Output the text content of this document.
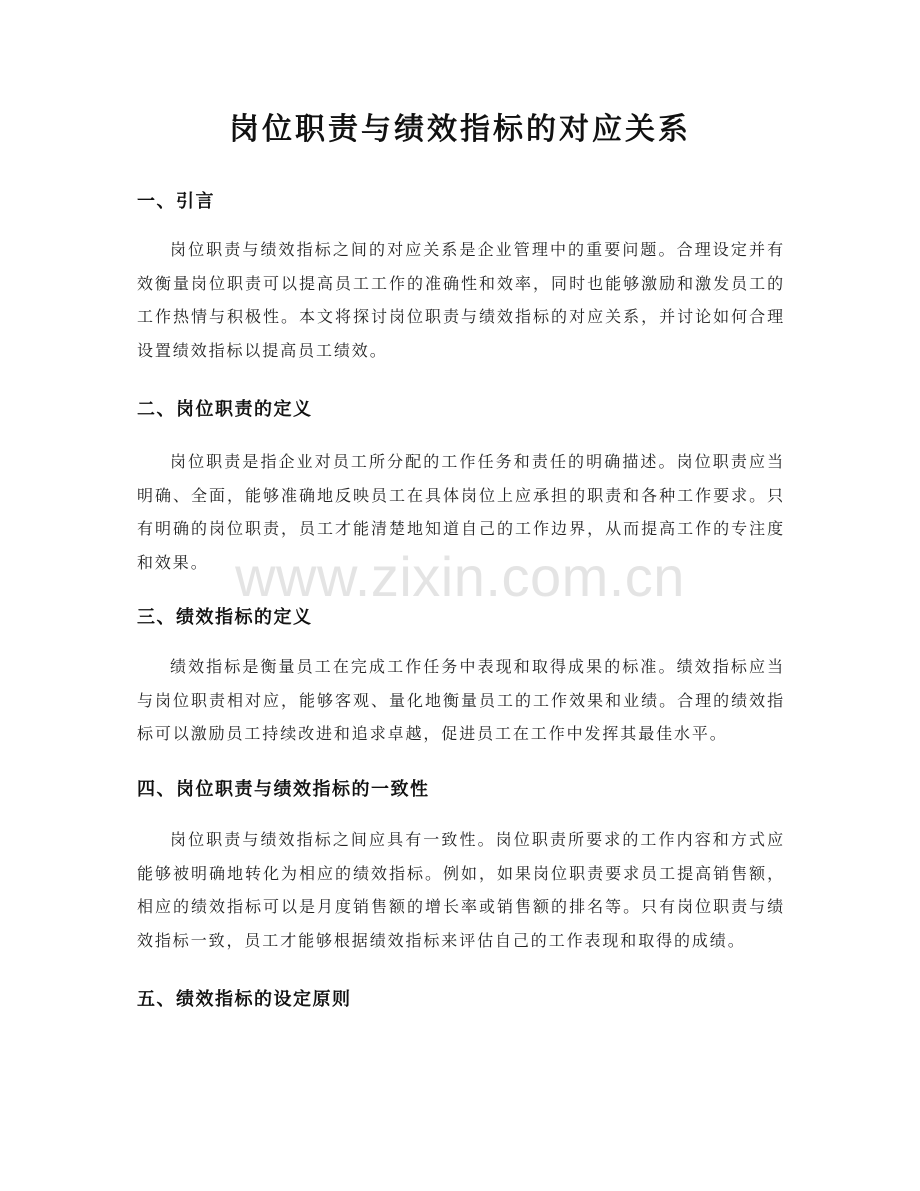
岗位职责与绩效指标的对应关系
一、引言

岗位职责与绩效指标之间的对应关系是企业管理中的重要问题。合理设定并有效衡量岗位职责可以提高员工工作的准确性和效率，同时也能够激励和激发员工的工作热情与积极性。本文将探讨岗位职责与绩效指标的对应关系，并讨论如何合理设置绩效指标以提高员工绩效。

二、岗位职责的定义

岗位职责是指企业对员工所分配的工作任务和责任的明确描述。岗位职责应当明确、全面，能够准确地反映员工在具体岗位上应承担的职责和各种工作要求。只有明确的岗位职责，员工才能清楚地知道自己的工作边界，从而提高工作的专注度和效果。

三、绩效指标的定义

绩效指标是衡量员工在完成工作任务中表现和取得成果的标准。绩效指标应当与岗位职责相对应，能够客观、量化地衡量员工的工作效果和业绩。合理的绩效指标可以激励员工持续改进和追求卓越，促进员工在工作中发挥其最佳水平。

四、岗位职责与绩效指标的一致性

岗位职责与绩效指标之间应具有一致性。岗位职责所要求的工作内容和方式应能够被明确地转化为相应的绩效指标。例如，如果岗位职责要求员工提高销售额，相应的绩效指标可以是月度销售额的增长率或销售额的排名等。只有岗位职责与绩效指标一致，员工才能够根据绩效指标来评估自己的工作表现和取得的成绩。

五、绩效指标的设定原则
www.zixin.com.cn
